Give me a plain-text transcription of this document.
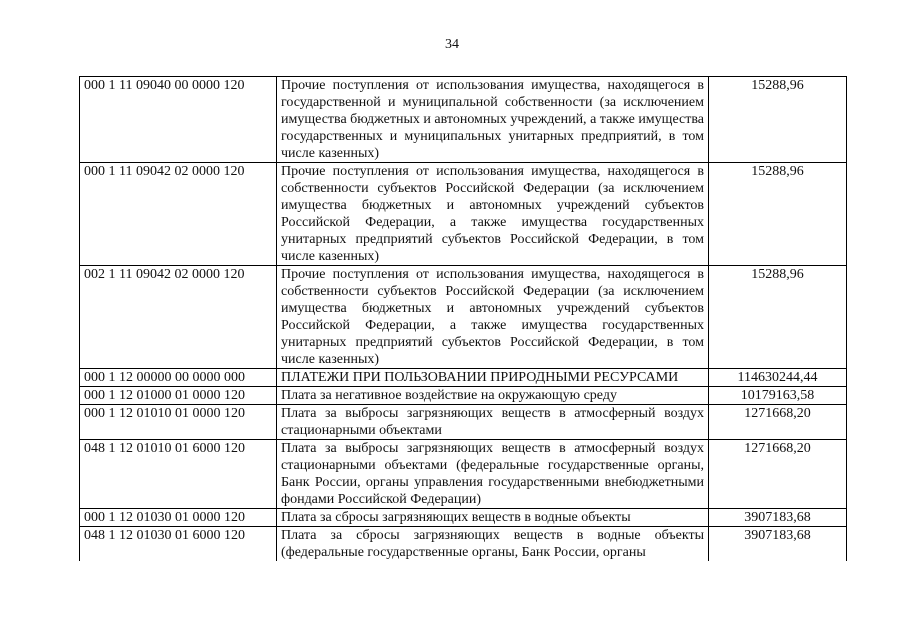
34
000 1 11 09040 00 0000 120	Прочие поступления от использования имущества, находящегося в государственной и муниципальной собственности (за исключением имущества бюджетных и автономных учреждений, а также имущества государственных и муниципальных унитарных предприятий, в том числе казенных)	15288,96
000 1 11 09042 02 0000 120	Прочие поступления от использования имущества, находящегося в собственности субъектов Российской Федерации (за исключением имущества бюджетных и автономных учреждений субъектов Российской Федерации, а также имущества государственных унитарных предприятий субъектов Российской Федерации, в том числе казенных)	15288,96
002 1 11 09042 02 0000 120	Прочие поступления от использования имущества, находящегося в собственности субъектов Российской Федерации (за исключением имущества бюджетных и автономных учреждений субъектов Российской Федерации, а также имущества государственных унитарных предприятий субъектов Российской Федерации, в том числе казенных)	15288,96
000 1 12 00000 00 0000 000	ПЛАТЕЖИ ПРИ ПОЛЬЗОВАНИИ ПРИРОДНЫМИ РЕСУРСАМИ	114630244,44
000 1 12 01000 01 0000 120	Плата за негативное воздействие на окружающую среду	10179163,58
000 1 12 01010 01 0000 120	Плата за выбросы загрязняющих веществ в атмосферный воздух стационарными объектами	1271668,20
048 1 12 01010 01 6000 120	Плата за выбросы загрязняющих веществ в атмосферный воздух стационарными объектами (федеральные государственные органы, Банк России, органы управления государственными внебюджетными фондами Российской Федерации)	1271668,20
000 1 12 01030 01 0000 120	Плата за сбросы загрязняющих веществ в водные объекты	3907183,68
048 1 12 01030 01 6000 120	Плата за сбросы загрязняющих веществ в водные объекты (федеральные государственные органы, Банк России, органы	3907183,68
